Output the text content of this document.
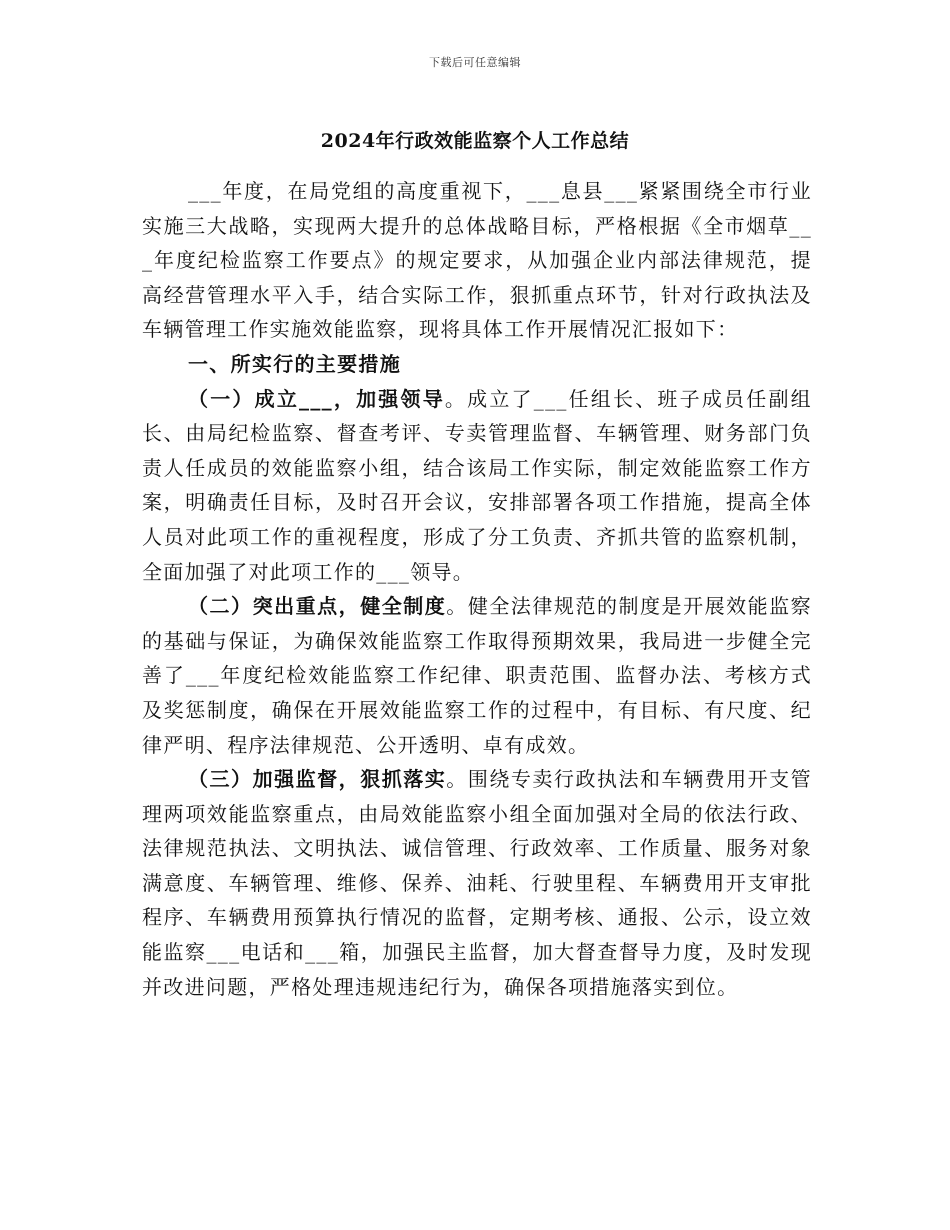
下载后可任意编辑
2024年行政效能监察个人工作总结

___年度，在局党组的高度重视下，___息县___紧紧围绕全市行业实施三大战略，实现两大提升的总体战略目标，严格根据《全市烟草___年度纪检监察工作要点》的规定要求，从加强企业内部法律规范，提高经营管理水平入手，结合实际工作，狠抓重点环节，针对行政执法及车辆管理工作实施效能监察，现将具体工作开展情况汇报如下：

一、所实行的主要措施

（一）成立___，加强领导。成立了___任组长、班子成员任副组长、由局纪检监察、督查考评、专卖管理监督、车辆管理、财务部门负责人任成员的效能监察小组，结合该局工作实际，制定效能监察工作方案，明确责任目标，及时召开会议，安排部署各项工作措施，提高全体人员对此项工作的重视程度，形成了分工负责、齐抓共管的监察机制，全面加强了对此项工作的___领导。

（二）突出重点，健全制度。健全法律规范的制度是开展效能监察的基础与保证，为确保效能监察工作取得预期效果，我局进一步健全完善了___年度纪检效能监察工作纪律、职责范围、监督办法、考核方式及奖惩制度，确保在开展效能监察工作的过程中，有目标、有尺度、纪律严明、程序法律规范、公开透明、卓有成效。

（三）加强监督，狠抓落实。围绕专卖行政执法和车辆费用开支管理两项效能监察重点，由局效能监察小组全面加强对全局的依法行政、法律规范执法、文明执法、诚信管理、行政效率、工作质量、服务对象满意度、车辆管理、维修、保养、油耗、行驶里程、车辆费用开支审批程序、车辆费用预算执行情况的监督，定期考核、通报、公示，设立效能监察___电话和___箱，加强民主监督，加大督查督导力度，及时发现并改进问题，严格处理违规违纪行为，确保各项措施落实到位。
